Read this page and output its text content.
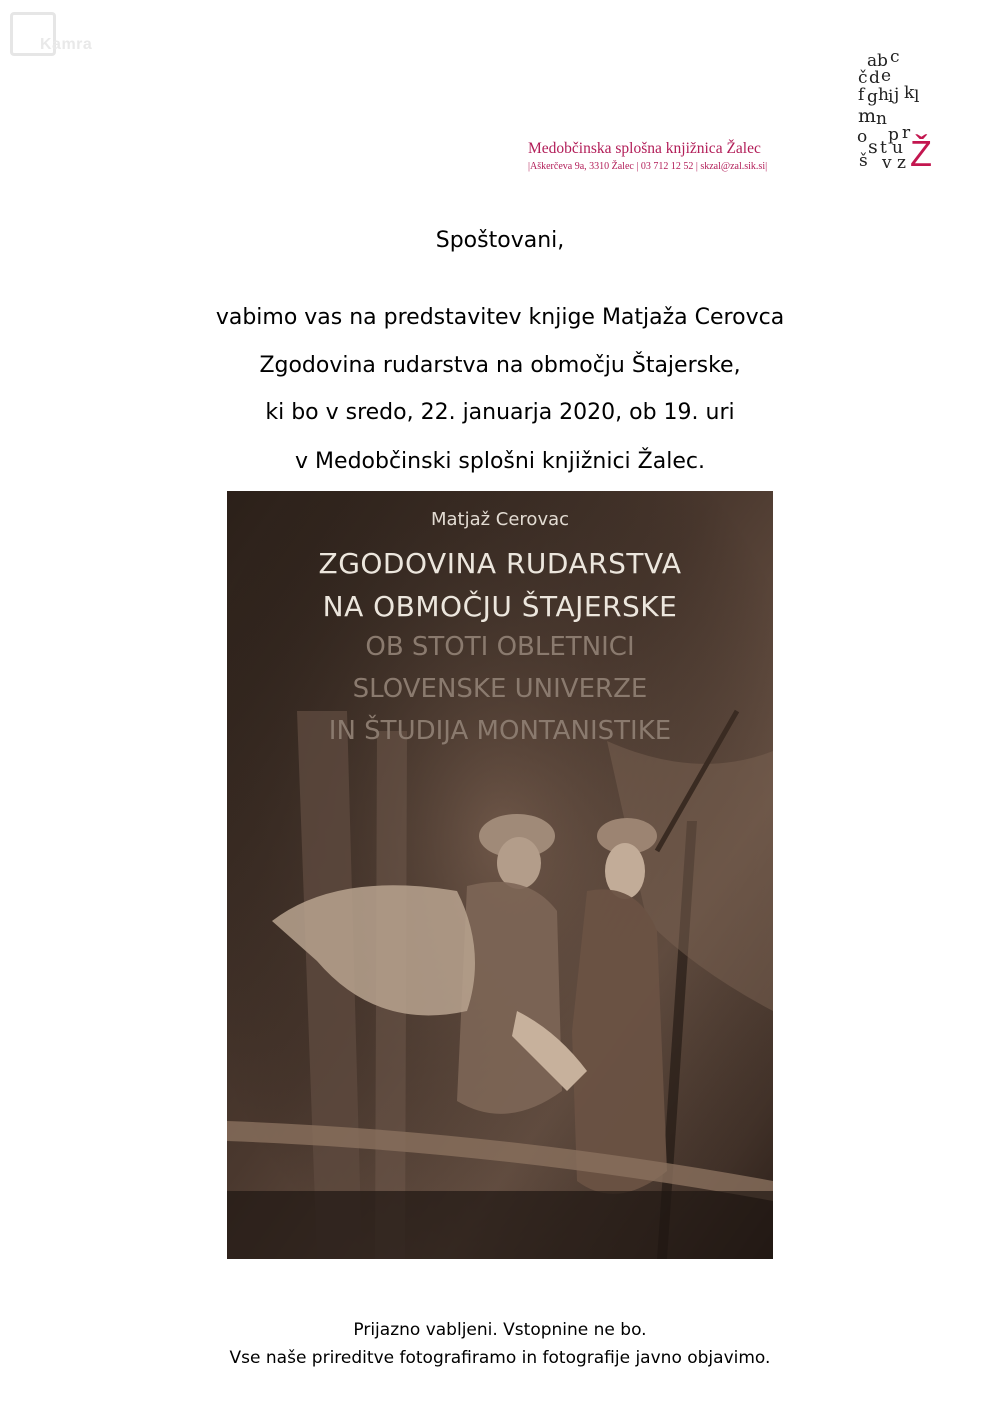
Kamra
Medobčinska splošna knjižnica Žalec
|Aškerčeva 9a, 3310 Žalec | 03 712 12 52 | skzal@zal.sik.si|
a b c
č d e
f g h i j k l
m n
o p r
s
š
t u
v z Ž
Spoštovani,
vabimo vas na predstavitev knjige Matjaža Cerovca
Zgodovina rudarstva na območju Štajerske,
ki bo v sredo, 22. januarja 2020, ob 19. uri
v Medobčinski splošni knjižnici Žalec.
Matjaž Cerovac
ZGODOVINA RUDARSTVA
NA OBMOČJU ŠTAJERSKE
OB STOTI OBLETNICI
SLOVENSKE UNIVERZE
IN ŠTUDIJA MONTANISTIKE
Prijazno vabljeni. Vstopnine ne bo.
Vse naše prireditve fotografiramo in fotografije javno objavimo.
